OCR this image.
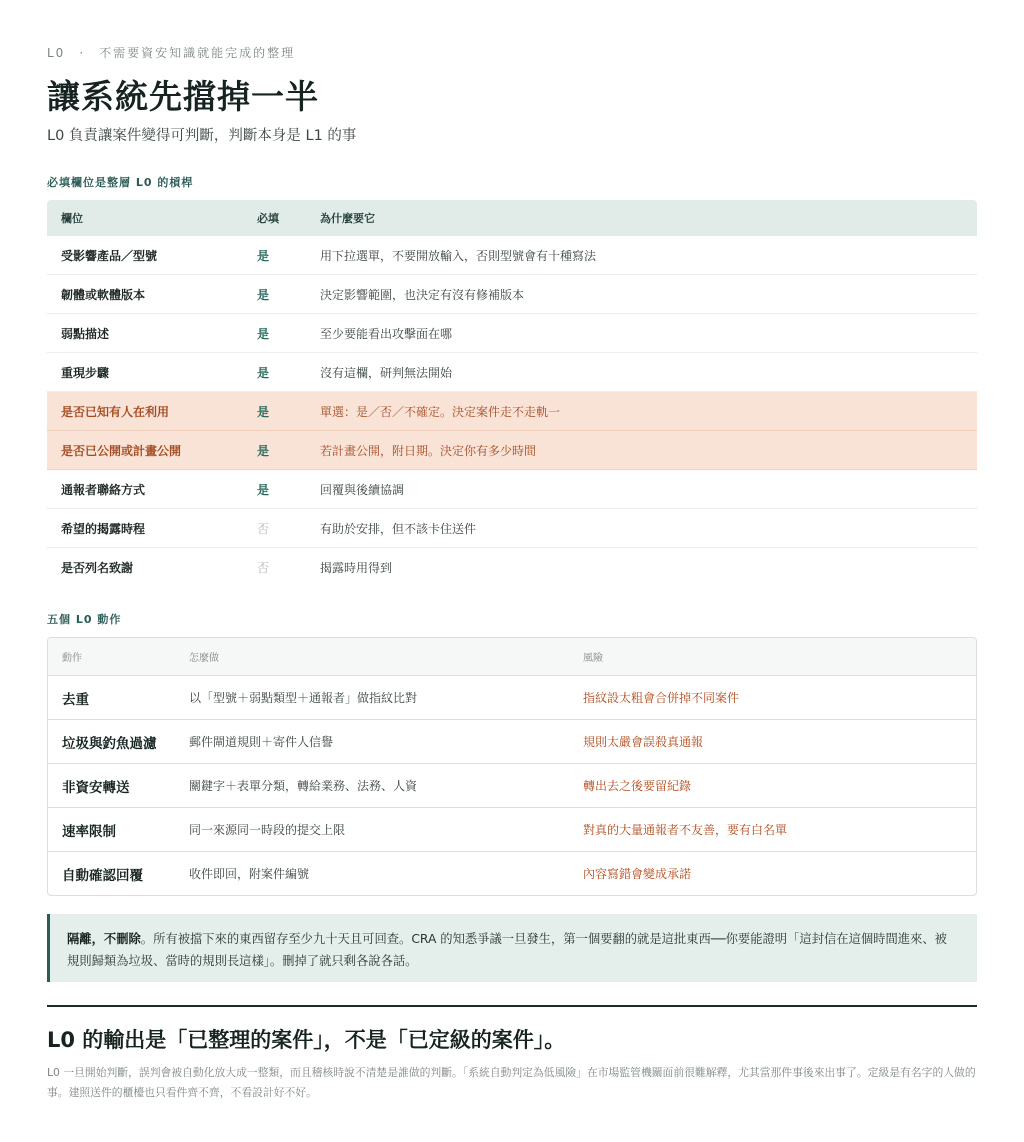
L0 · 不需要資安知識就能完成的整理
讓系統先擋掉一半
L0 負責讓案件變得可判斷，判斷本身是 L1 的事
必填欄位是整層 L0 的槓桿
欄位	必填	為什麼要它
受影響產品／型號	是	用下拉選單，不要開放輸入，否則型號會有十種寫法
韌體或軟體版本	是	決定影響範圍，也決定有沒有修補版本
弱點描述	是	至少要能看出攻擊面在哪
重現步驟	是	沒有這欄，研判無法開始
是否已知有人在利用	是	單選：是／否／不確定。決定案件走不走軌一
是否已公開或計畫公開	是	若計畫公開，附日期。決定你有多少時間
通報者聯絡方式	是	回覆與後續協調
希望的揭露時程	否	有助於安排，但不該卡住送件
是否列名致謝	否	揭露時用得到
五個 L0 動作
動作	怎麼做	風險
去重	以「型號＋弱點類型＋通報者」做指紋比對	指紋設太粗會合併掉不同案件
垃圾與釣魚過濾	郵件閘道規則＋寄件人信譽	規則太嚴會誤殺真通報
非資安轉送	關鍵字＋表單分類，轉給業務、法務、人資	轉出去之後要留紀錄
速率限制	同一來源同一時段的提交上限	對真的大量通報者不友善，要有白名單
自動確認回覆	收件即回，附案件編號	內容寫錯會變成承諾
隔離，不刪除。所有被擋下來的東西留存至少九十天且可回查。CRA 的知悉爭議一旦發生，第一個要翻的就是這批東西──你要能證明「這封信在這個時間進來、被規則歸類為垃圾、當時的規則長這樣」。刪掉了就只剩各說各話。
L0 的輸出是「已整理的案件」，不是「已定級的案件」。
L0 一旦開始判斷，誤判會被自動化放大成一整類，而且稽核時說不清楚是誰做的判斷。「系統自動判定為低風險」在市場監管機關面前很難解釋，尤其當那件事後來出事了。定級是有名字的人做的事。建照送件的櫃檯也只看件齊不齊，不看設計好不好。
